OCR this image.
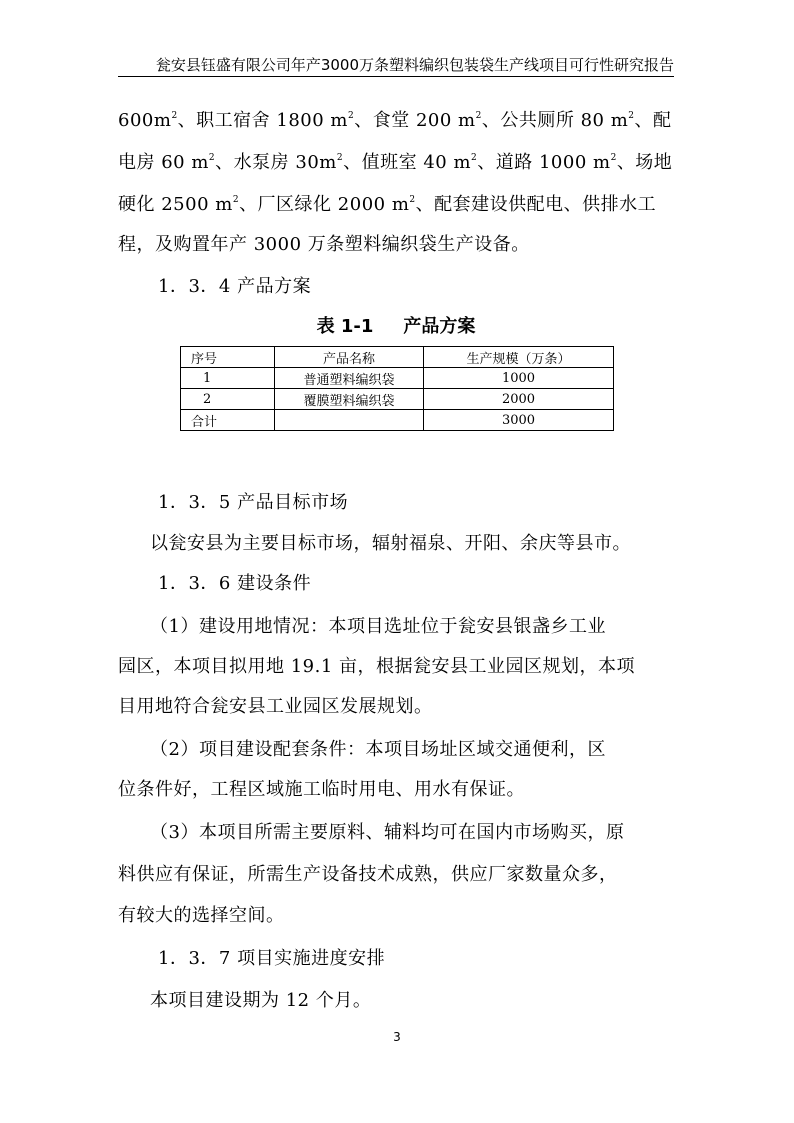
瓮安县钰盛有限公司年产3000万条塑料编织包装袋生产线项目可行性研究报告
$600m^2$、职工宿舍 1800 $m^2$、食堂 200 $m^2$、公共厕所 80 $m^2$、配
电房 60 $m^2$、水泵房 $30m^2$、值班室 40 $m^2$、道路 1000 $m^2$、场地
硬化 2500 $m^2$、厂区绿化 2000 $m^2$、配套建设供配电、供排水工
程，及购置年产 3000 万条塑料编织袋生产设备。
1．3．4 产品方案
表 1-1 产品方案
序号	产品名称	生产规模（万条）
1	普通塑料编织袋	1000
2	覆膜塑料编织袋	2000
合计		3000
1．3．5 产品目标市场
以瓮安县为主要目标市场，辐射福泉、开阳、余庆等县市。
1．3．6 建设条件
（1）建设用地情况：本项目选址位于瓮安县银盏乡工业
园区，本项目拟用地 19.1 亩，根据瓮安县工业园区规划，本项
目用地符合瓮安县工业园区发展规划。
（2）项目建设配套条件：本项目场址区域交通便利，区
位条件好，工程区域施工临时用电、用水有保证。
（3）本项目所需主要原料、辅料均可在国内市场购买，原
料供应有保证，所需生产设备技术成熟，供应厂家数量众多，
有较大的选择空间。
1．3．7 项目实施进度安排
本项目建设期为 12 个月。
3
